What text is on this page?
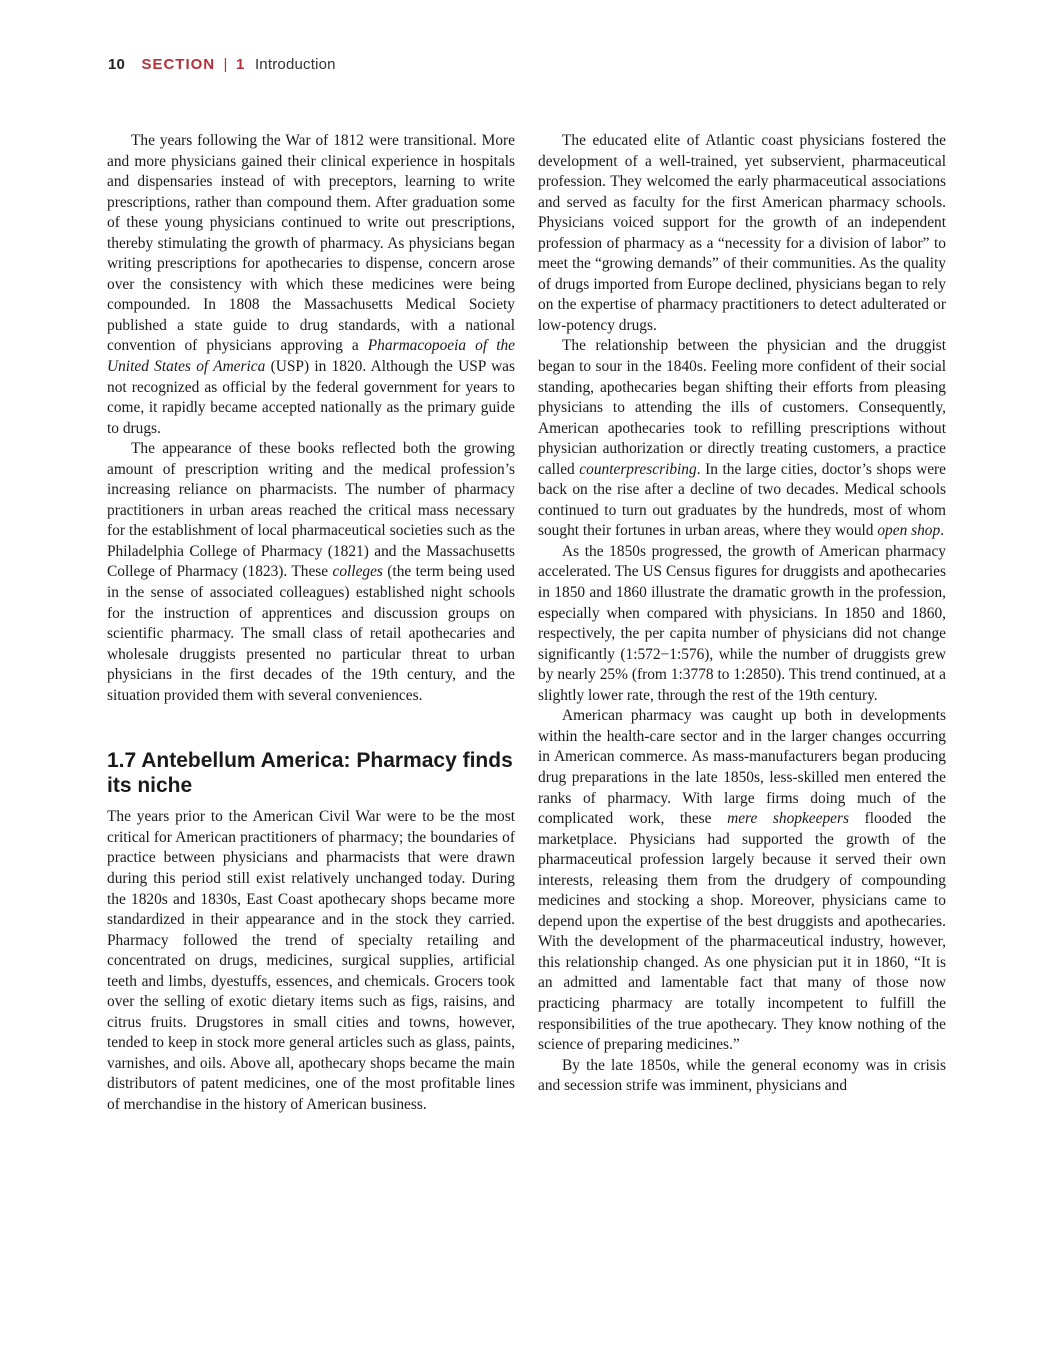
10 SECTION | 1 Introduction

The years following the War of 1812 were transitional. More and more physicians gained their clinical experience in hospitals and dispensaries instead of with preceptors, learning to write prescriptions, rather than compound them. After graduation some of these young physicians continued to write out prescriptions, thereby stimulating the growth of pharmacy. As physicians began writing prescriptions for apothecaries to dispense, concern arose over the consistency with which these medicines were being compounded. In 1808 the Massachusetts Medical Society published a state guide to drug standards, with a national convention of physicians approving a Pharmacopoeia of the United States of America (USP) in 1820. Although the USP was not recognized as official by the federal government for years to come, it rapidly became accepted nationally as the primary guide to drugs.

The appearance of these books reflected both the growing amount of prescription writing and the medical profession’s increasing reliance on pharmacists. The number of pharmacy practitioners in urban areas reached the critical mass necessary for the establishment of local pharmaceutical societies such as the Philadelphia College of Pharmacy (1821) and the Massachusetts College of Pharmacy (1823). These colleges (the term being used in the sense of associated colleagues) established night schools for the instruction of apprentices and discussion groups on scientific pharmacy. The small class of retail apothecaries and wholesale druggists presented no particular threat to urban physicians in the first decades of the 19th century, and the situation provided them with several conveniences.

1.7 Antebellum America: Pharmacy finds its niche

The years prior to the American Civil War were to be the most critical for American practitioners of pharmacy; the boundaries of practice between physicians and pharmacists that were drawn during this period still exist relatively unchanged today. During the 1820s and 1830s, East Coast apothecary shops became more standardized in their appearance and in the stock they carried. Pharmacy followed the trend of specialty retailing and concentrated on drugs, medicines, surgical supplies, artificial teeth and limbs, dyestuffs, essences, and chemicals. Grocers took over the selling of exotic dietary items such as figs, raisins, and citrus fruits. Drugstores in small cities and towns, however, tended to keep in stock more general articles such as glass, paints, varnishes, and oils. Above all, apothecary shops became the main distributors of patent medicines, one of the most profitable lines of merchandise in the history of American business.

The educated elite of Atlantic coast physicians fostered the development of a well-trained, yet subservient, pharmaceutical profession. They welcomed the early pharmaceutical associations and served as faculty for the first American pharmacy schools. Physicians voiced support for the growth of an independent profession of pharmacy as a “necessity for a division of labor” to meet the “growing demands” of their communities. As the quality of drugs imported from Europe declined, physicians began to rely on the expertise of pharmacy practitioners to detect adulterated or low-potency drugs.

The relationship between the physician and the druggist began to sour in the 1840s. Feeling more confident of their social standing, apothecaries began shifting their efforts from pleasing physicians to attending the ills of customers. Consequently, American apothecaries took to refilling prescriptions without physician authorization or directly treating customers, a practice called counterprescribing. In the large cities, doctor’s shops were back on the rise after a decline of two decades. Medical schools continued to turn out graduates by the hundreds, most of whom sought their fortunes in urban areas, where they would open shop.

As the 1850s progressed, the growth of American pharmacy accelerated. The US Census figures for druggists and apothecaries in 1850 and 1860 illustrate the dramatic growth in the profession, especially when compared with physicians. In 1850 and 1860, respectively, the per capita number of physicians did not change significantly (1:572−1:576), while the number of druggists grew by nearly 25% (from 1:3778 to 1:2850). This trend continued, at a slightly lower rate, through the rest of the 19th century.

American pharmacy was caught up both in developments within the health-care sector and in the larger changes occurring in American commerce. As mass-manufacturers began producing drug preparations in the late 1850s, less-skilled men entered the ranks of pharmacy. With large firms doing much of the complicated work, these mere shopkeepers flooded the marketplace. Physicians had supported the growth of the pharmaceutical profession largely because it served their own interests, releasing them from the drudgery of compounding medicines and stocking a shop. Moreover, physicians came to depend upon the expertise of the best druggists and apothecaries. With the development of the pharmaceutical industry, however, this relationship changed. As one physician put it in 1860, “It is an admitted and lamentable fact that many of those now practicing pharmacy are totally incompetent to fulfill the responsibilities of the true apothecary. They know nothing of the science of preparing medicines.”

By the late 1850s, while the general economy was in crisis and secession strife was imminent, physicians and
